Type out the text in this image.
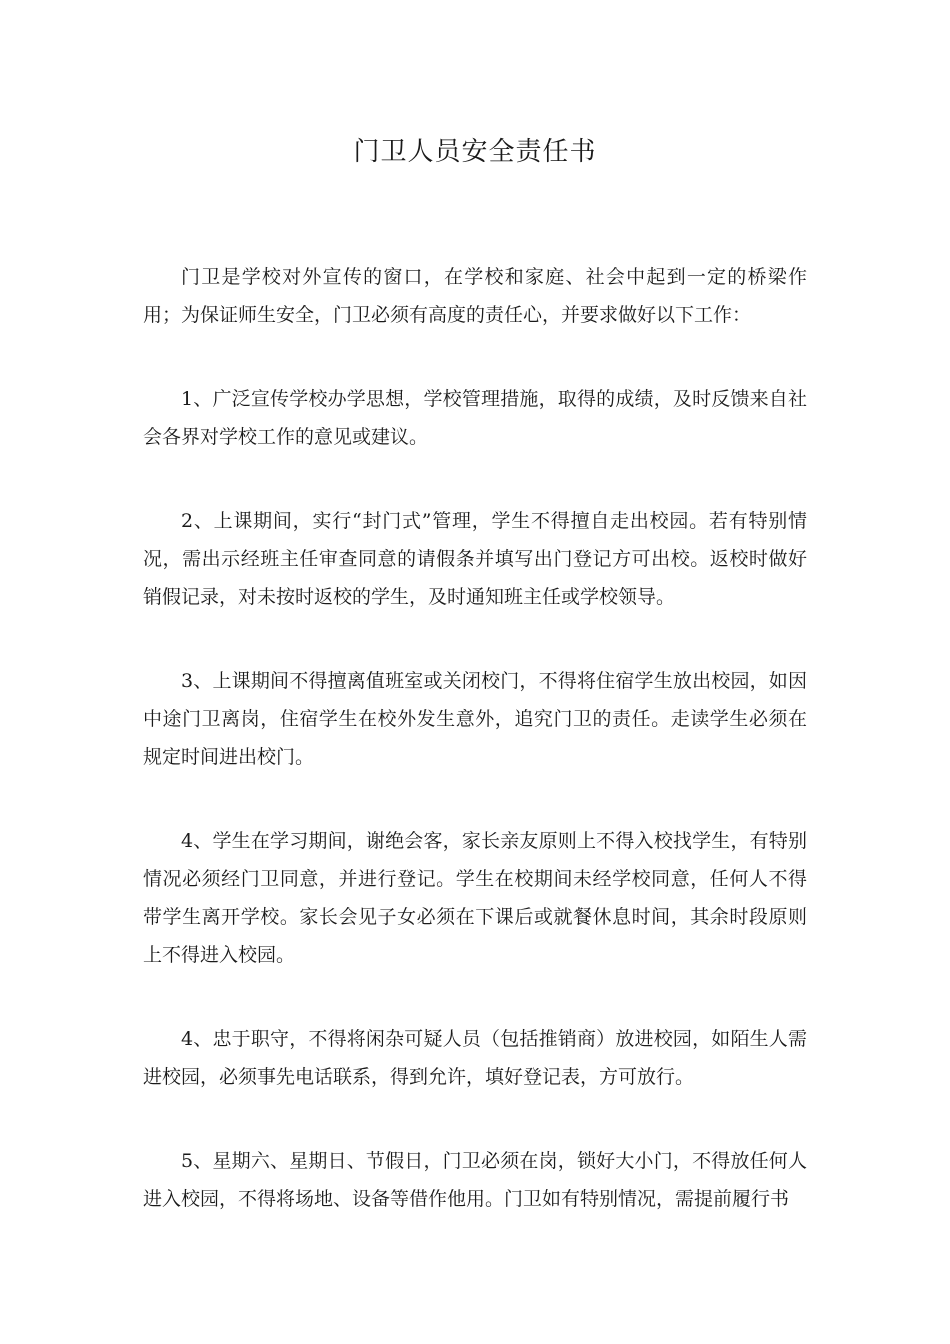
门卫人员安全责任书

门卫是学校对外宣传的窗口，在学校和家庭、社会中起到一定的桥梁作用；为保证师生安全，门卫必须有高度的责任心，并要求做好以下工作：

1、广泛宣传学校办学思想，学校管理措施，取得的成绩，及时反馈来自社会各界对学校工作的意见或建议。

2、上课期间，实行“封门式”管理，学生不得擅自走出校园。若有特别情况，需出示经班主任审查同意的请假条并填写出门登记方可出校。返校时做好销假记录，对未按时返校的学生，及时通知班主任或学校领导。

3、上课期间不得擅离值班室或关闭校门，不得将住宿学生放出校园，如因中途门卫离岗，住宿学生在校外发生意外，追究门卫的责任。走读学生必须在规定时间进出校门。

4、学生在学习期间，谢绝会客，家长亲友原则上不得入校找学生，有特别情况必须经门卫同意，并进行登记。学生在校期间未经学校同意，任何人不得带学生离开学校。家长会见子女必须在下课后或就餐休息时间，其余时段原则上不得进入校园。

4、忠于职守，不得将闲杂可疑人员（包括推销商）放进校园，如陌生人需进校园，必须事先电话联系，得到允许，填好登记表，方可放行。

5、星期六、星期日、节假日，门卫必须在岗，锁好大小门，不得放任何人进入校园，不得将场地、设备等借作他用。门卫如有特别情况，需提前履行书
